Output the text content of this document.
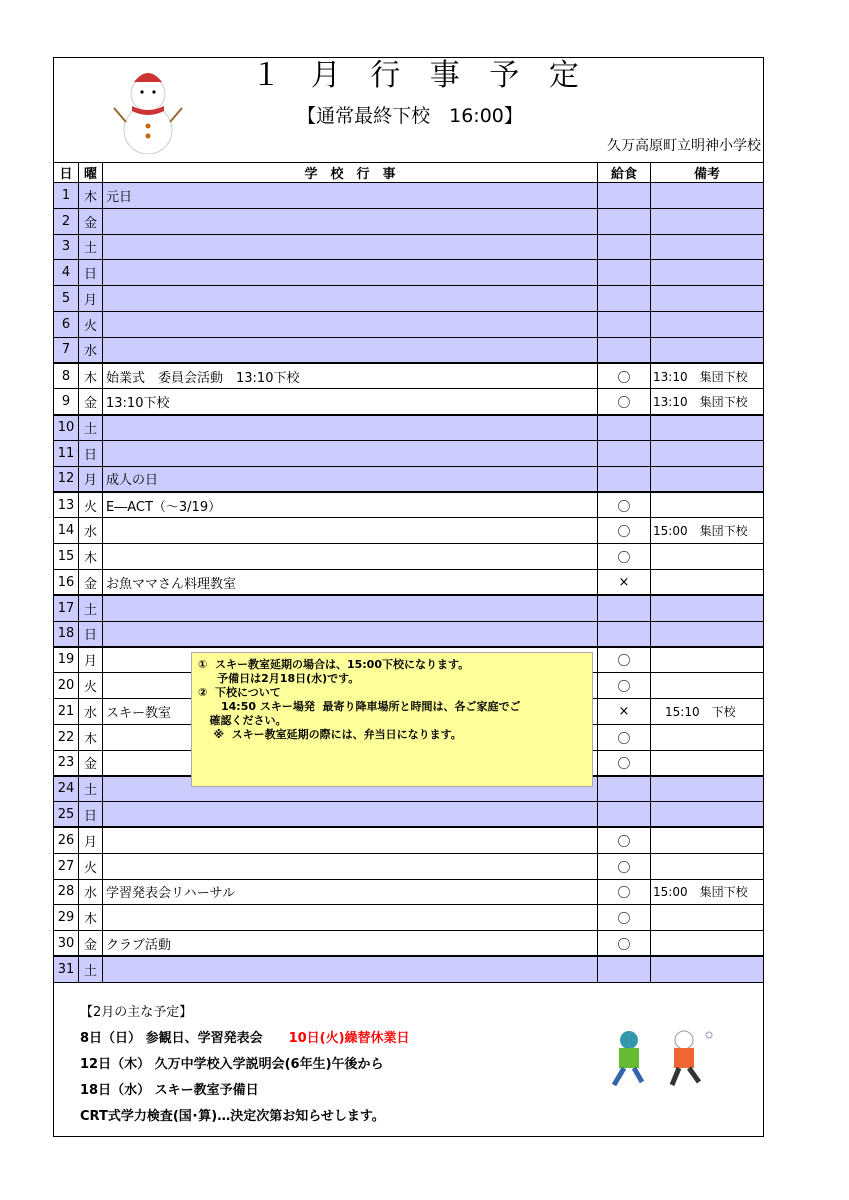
１ 月 行 事 予 定
【通常最終下校　16:00】
久万高原町立明神小学校
日	曜	学　校　行　事	給食	備考
1	木	元日		
2	金			
3	土			
4	日			
5	月			
6	火			
7	水			
8	木	始業式　委員会活動　13:10下校	〇	13:10　集団下校
9	金	13:10下校	〇	13:10　集団下校
10	土			
11	日			
12	月	成人の日		
13	火	E―ACT（～3/19）	〇	
14	水		〇	15:00　集団下校
15	木		〇	
16	金	お魚ママさん料理教室	×	
17	土			
18	日			
19	月		〇	
20	火		〇	
21	水	スキー教室	×	　15:10　下校
22	木		〇	
23	金		〇	
24	土			
25	日			
26	月		〇	
27	火		〇	
28	水	学習発表会リハーサル	〇	15:00　集団下校
29	木		〇	
30	金	クラブ活動	〇	
31	土			
①  スキー教室延期の場合は、15:00下校になります。
予備日は2月18日(水)です。
②  下校について
14:50 スキー場発  最寄り降車場所と時間は、各ご家庭でご
確認ください。
※  スキー教室延期の際には、弁当日になります。
【2月の主な予定】
8日（日） 参観日、学習発表会　　10日(火)繰替休業日
12日（木） 久万中学校入学説明会(6年生)午後から
18日（水） スキー教室予備日
CRT式学力検査(国･算)…決定次第お知らせします。
